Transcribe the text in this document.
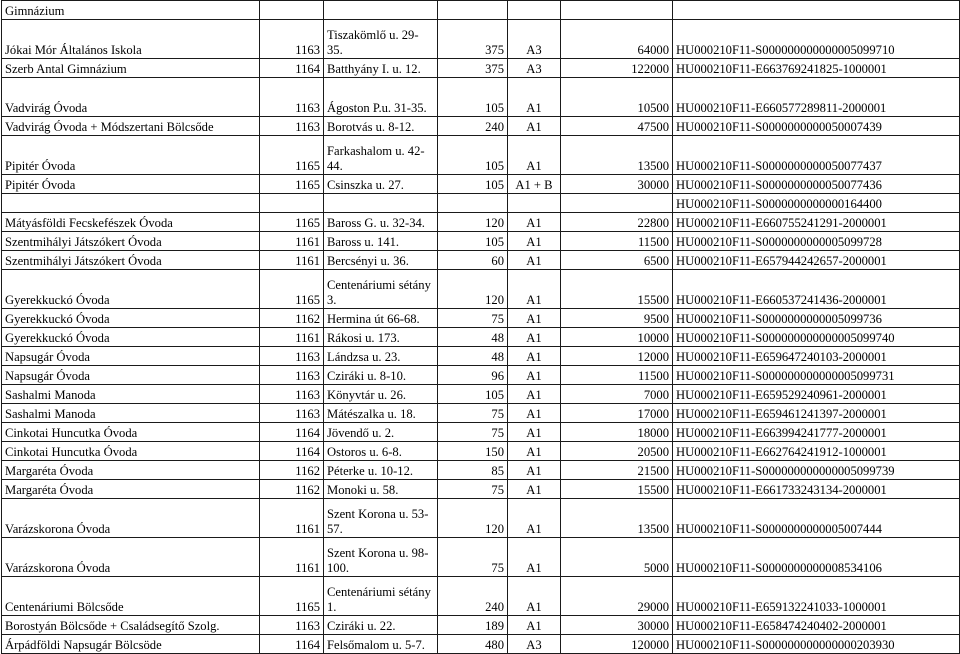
Gimnázium						
Jókai Mór Általános Iskola	1163	Tiszakömlő u. 29-35.	375	A3	64000	HU000210F11-S000000000000005099710
Szerb Antal Gimnázium	1164	Batthyány I. u. 12.	375	A3	122000	HU000210F11-E663769241825-1000001
Vadvirág Óvoda	1163	Ágoston P.u. 31-35.	105	A1	10500	HU000210F11-E660577289811-2000001
Vadvirág Óvoda + Módszertani Bölcsőde	1163	Borotvás u. 8-12.	240	A1	47500	HU000210F11-S0000000000050007439
Pipitér Óvoda	1165	Farkashalom u. 42-44.	105	A1	13500	HU000210F11-S0000000000050077437
Pipitér Óvoda	1165	Csinszka u. 27.	105	A1 + B	30000	HU000210F11-S0000000000050077436
						HU000210F11-S0000000000000164400
Mátyásföldi Fecskefészek Óvoda	1165	Baross G. u. 32-34.	120	A1	22800	HU000210F11-E660755241291-2000001
Szentmihályi Játszókert Óvoda	1161	Baross u. 141.	105	A1	11500	HU000210F11-S0000000000005099728
Szentmihályi Játszókert Óvoda	1161	Bercsényi u. 36.	60	A1	6500	HU000210F11-E657944242657-2000001
Gyerekkuckó Óvoda	1165	Centenáriumi sétány 3.	120	A1	15500	HU000210F11-E660537241436-2000001
Gyerekkuckó Óvoda	1162	Hermina út 66-68.	75	A1	9500	HU000210F11-S0000000000005099736
Gyerekkuckó Óvoda	1161	Rákosi u. 173.	48	A1	10000	HU000210F11-S000000000000005099740
Napsugár Óvoda	1163	Lándzsa u. 23.	48	A1	12000	HU000210F11-E659647240103-2000001
Napsugár Óvoda	1163	Cziráki u. 8-10.	96	A1	11500	HU000210F11-S000000000000005099731
Sashalmi Manoda	1163	Könyvtár u. 26.	105	A1	7000	HU000210F11-E659529240961-2000001
Sashalmi Manoda	1163	Mátészalka u. 18.	75	A1	17000	HU000210F11-E659461241397-2000001
Cinkotai Huncutka Óvoda	1164	Jövendő u. 2.	75	A1	18000	HU000210F11-E663994241777-2000001
Cinkotai Huncutka Óvoda	1164	Ostoros u. 6-8.	150	A1	20500	HU000210F11-E662764241912-1000001
Margaréta Óvoda	1162	Péterke u. 10-12.	85	A1	21500	HU000210F11-S000000000000005099739
Margaréta Óvoda	1162	Monoki u. 58.	75	A1	15500	HU000210F11-E661733243134-2000001
Varázskorona Óvoda	1161	Szent Korona u. 53-57.	120	A1	13500	HU000210F11-S0000000000005007444
Varázskorona Óvoda	1161	Szent Korona u. 98-100.	75	A1	5000	HU000210F11-S0000000000008534106
Centenáriumi Bölcsőde	1165	Centenáriumi sétány 1.	240	A1	29000	HU000210F11-E659132241033-1000001
Borostyán Bölcsőde + Családsegítő Szolg.	1163	Cziráki u. 22.	189	A1	30000	HU000210F11-E658474240402-2000001
Árpádföldi Napsugár Bölcsöde	1164	Felsőmalom u. 5-7.	480	A3	120000	HU000210F11-S000000000000000203930
